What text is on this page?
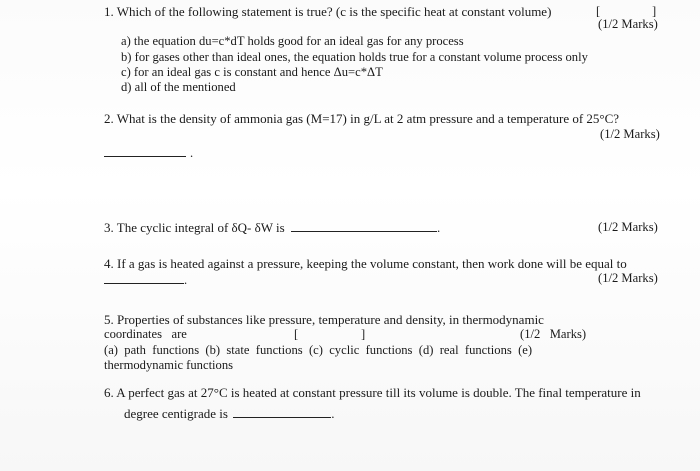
1. Which of the following statement is true? (c is the specific heat at constant volume)	[	]
(1/2 Marks)
a) the equation du=c*dT holds good for an ideal gas for any process
b) for gases other than ideal ones, the equation holds true for a constant volume process only
c) for an ideal gas c is constant and hence Δu=c*ΔT
d) all of the mentioned
2. What is the density of ammonia gas (M=17) in g/L at 2 atm pressure and a temperature of 25°C?
(1/2 Marks)
.
3. The cyclic integral of δQ- δW is	.	(1/2 Marks)
4. If a gas is heated against a pressure, keeping the volume constant, then work done will be equal to
.	(1/2 Marks)
5. Properties of substances like pressure, temperature and density, in thermodynamic
coordinates   are	[	]	(1/2   Marks)
(a)  path  functions  (b)  state  functions  (c)  cyclic  functions  (d)  real  functions  (e)
thermodynamic functions
6. A perfect gas at 27°C is heated at constant pressure till its volume is double. The final temperature in
degree centigrade is	.
